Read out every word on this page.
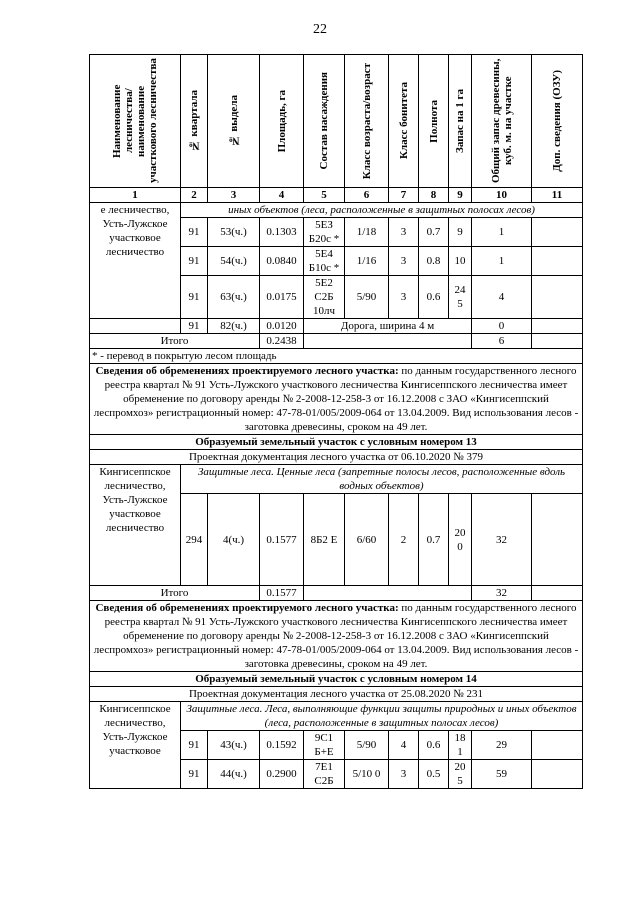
22
Наименование лесничества/ наименование участкового лесничества	№ квартала	№ выдела	Площадь, га	Состав насаждения	Класс возраста/возраст	Класс бонитета	Полнота	Запас на 1 га	Общий запас древесины, куб. м. на участке	Доп. сведения (ОЗУ)

1	2	3	4	5	6	7	8	9	10	11
е лесничество, Усть-Лужское участковое лесничество	иных объектов (леса, расположенные в защитных полосах лесов)									
	91	53(ч.)	0.1303	5ЕЗ Б20с *	1/18	3	0.7	9	1	
	91	54(ч.)	0.0840	5Е4 Б10с *	1/16	3	0.8	10	1	
	91	63(ч.)	0.0175	5Е2 С2Б 10лч	5/90	3	0.6	24 5	4	
	91	82(ч.)	0.0120	Дорога, ширина 4 м					0	
Итого			0.2438						6	
* - перевод в покрытую лесом площадь										
Сведения об обременениях проектируемого лесного участка: по данным государственного лесного реестра квартал № 91 Усть-Лужского участкового лесничества Кингисеппского лесничества имеет обременение по договору аренды № 2-2008-12-258-3 от 16.12.2008 с ЗАО «Кингисеппский леспромхоз» регистрационный номер: 47-78-01/005/2009-064 от 13.04.2009. Вид использования лесов - заготовка древесины, сроком на 49 лет.										
Образуемый земельный участок с условным номером 13										
Проектная документация лесного участка от 06.10.2020 № 379										
Кингисеппское лесничество, Усть-Лужское участковое лесничество	Защитные леса. Ценные леса (запретные полосы лесов, расположенные вдоль водных объектов)									
	294	4(ч.)	0.1577	8Б2 Е	6/60	2	0.7	20 0	32	
Итого			0.1577						32	
Сведения об обременениях проектируемого лесного участка: по данным государственного лесного реестра квартал № 91 Усть-Лужского участкового лесничества Кингисеппского лесничества имеет обременение по договору аренды № 2-2008-12-258-3 от 16.12.2008 с ЗАО «Кингисеппский леспромхоз» регистрационный номер: 47-78-01/005/2009-064 от 13.04.2009. Вид использования лесов - заготовка древесины, сроком на 49 лет.										
Образуемый земельный участок с условным номером 14										
Проектная документация лесного участка от 25.08.2020 № 231										
Кингисеппское лесничество, Усть-Лужское участковое	Защитные леса. Леса, выполняющие функции защиты природных и иных объектов (леса, расположенные в защитных полосах лесов)									
	91	43(ч.)	0.1592	9С1 Б+Е	5/90	4	0.6	18 1	29	
	91	44(ч.)	0.2900	7Е1 С2Б	5/10 0	3	0.5	20 5	59	
